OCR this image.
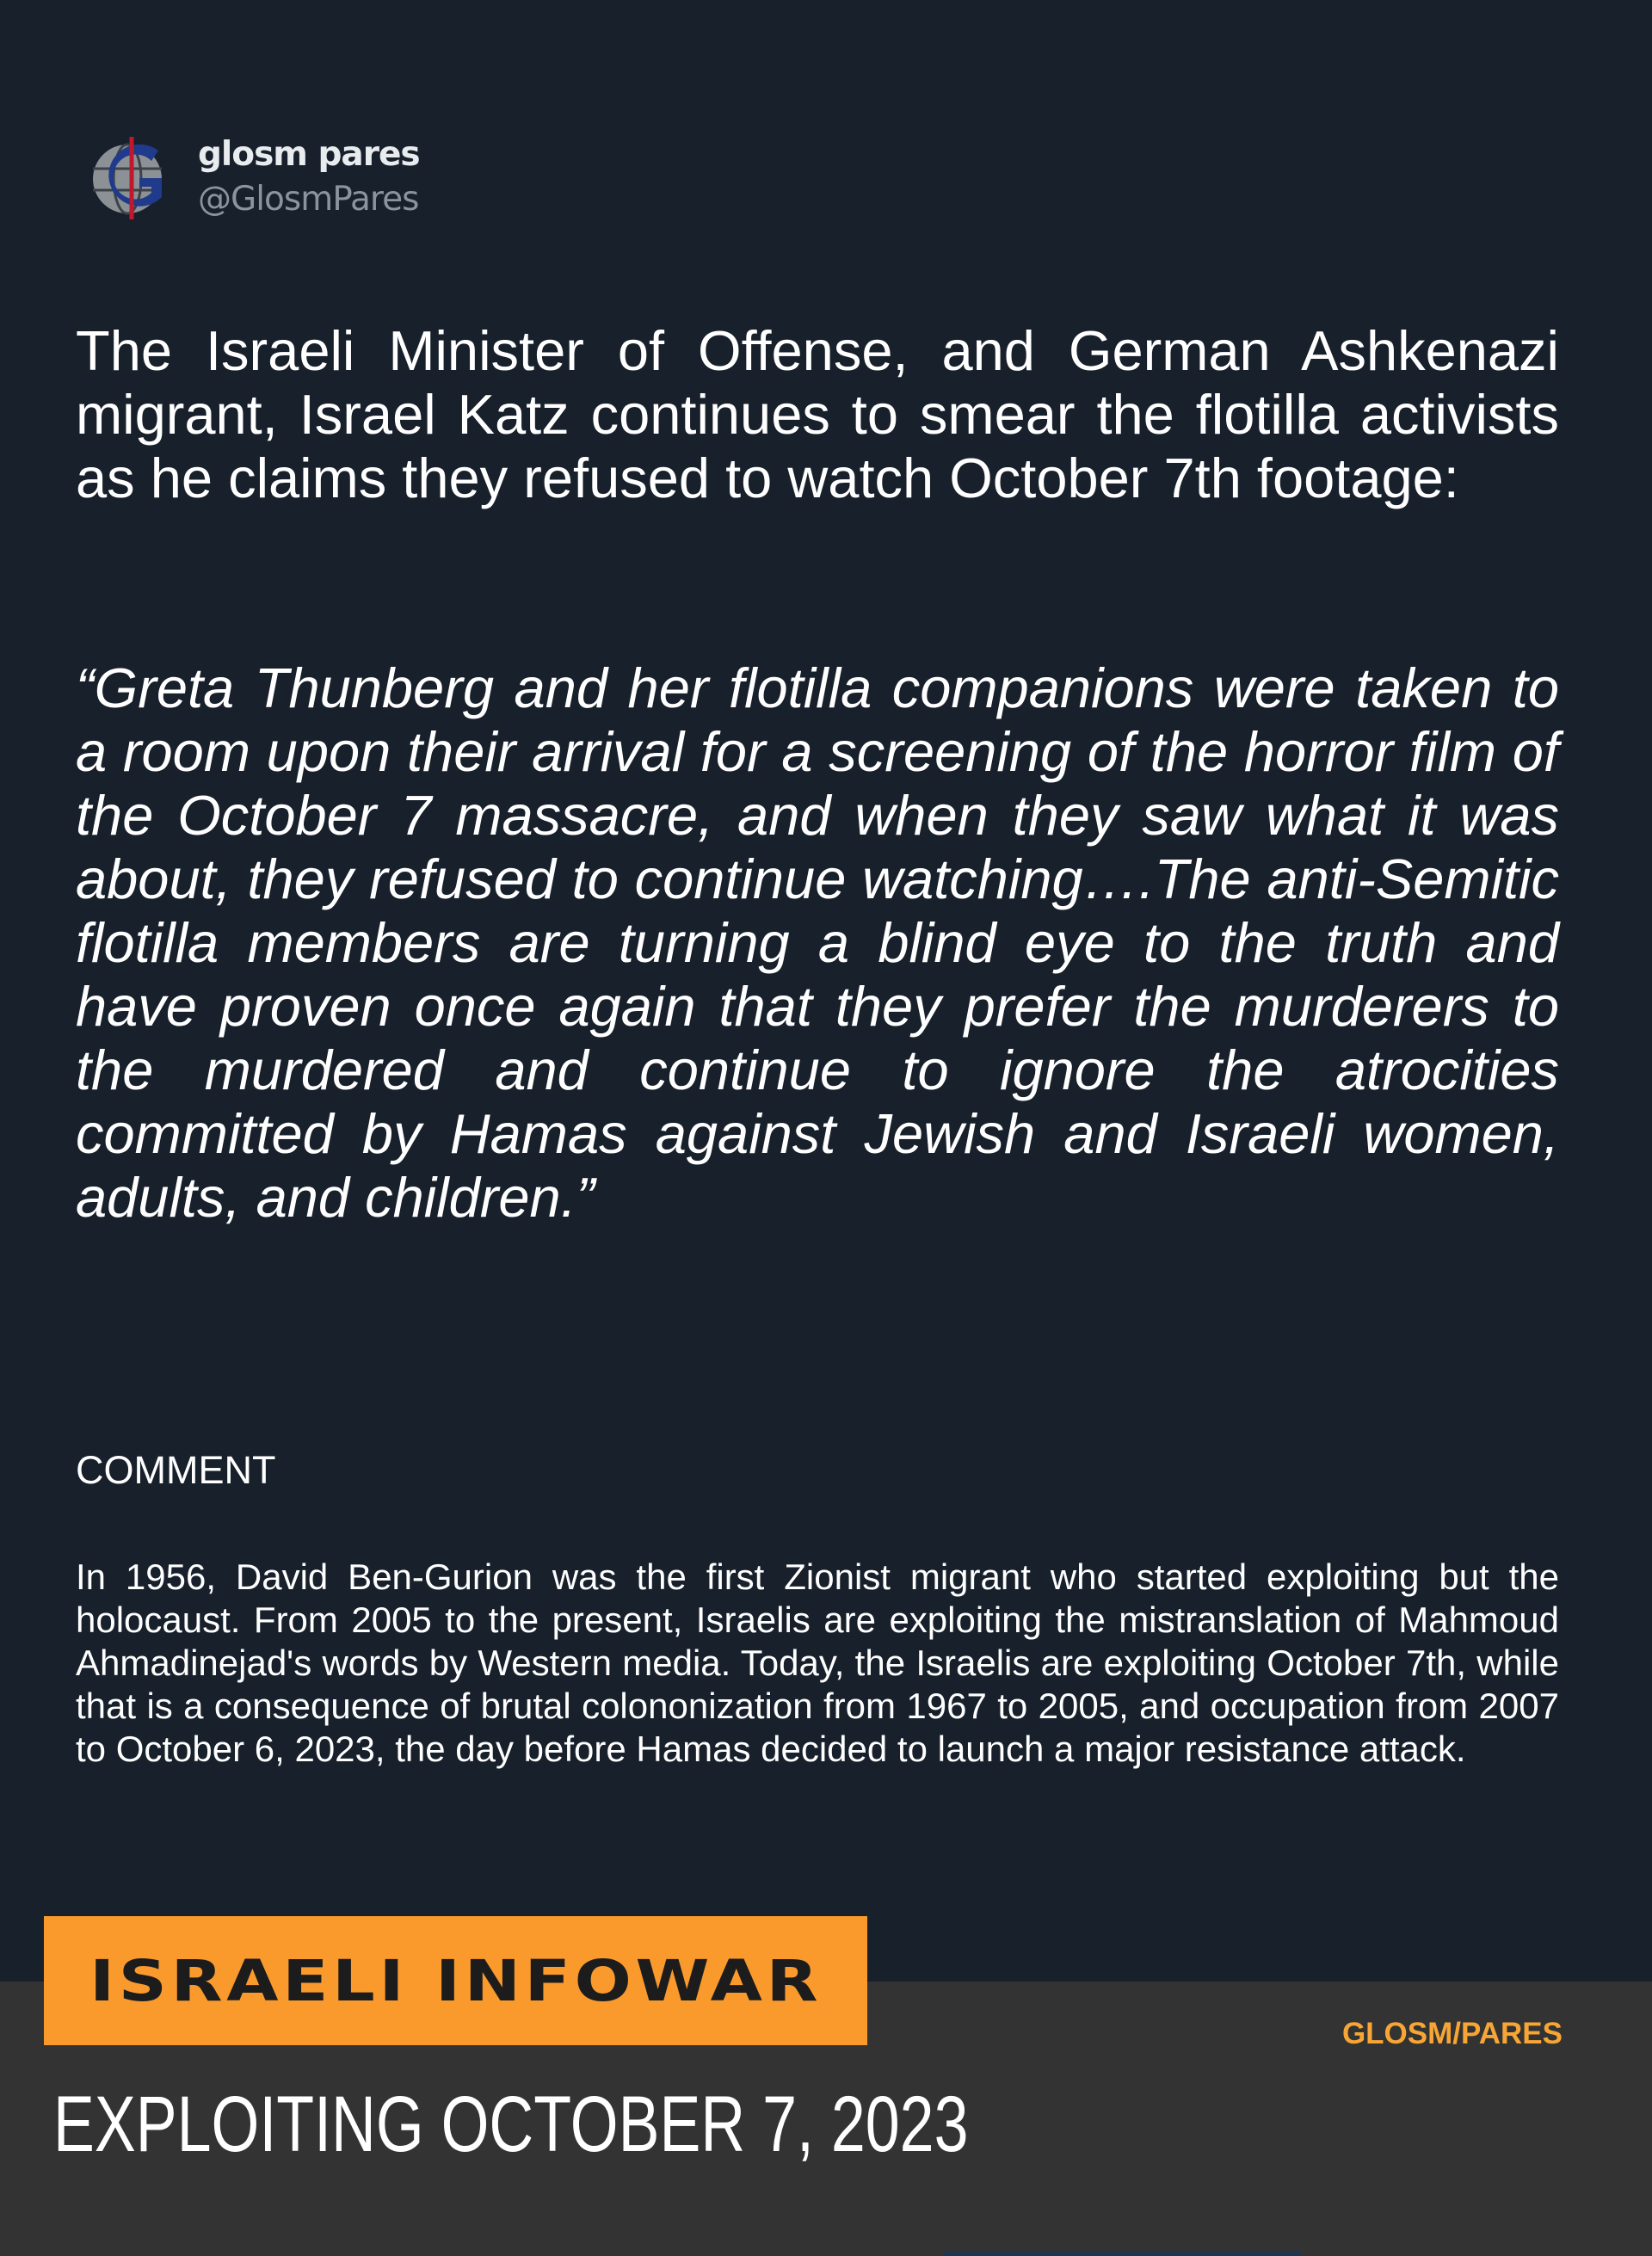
glosm pares
@GlosmPares

The Israeli Minister of Offense, and German Ashkenazi migrant, Israel Katz continues to smear the flotilla activists as he claims they refused to watch October 7th footage:

“Greta Thunberg and her flotilla companions were taken to a room upon their arrival for a screening of the horror film of the October 7 massacre, and when they saw what it was about, they refused to continue watching….The anti-Semitic flotilla members are turning a blind eye to the truth and have proven once again that they prefer the murderers to the murdered and continue to ignore the atrocities committed by Hamas against Jewish and Israeli women, adults, and children.”

COMMENT

In 1956, David Ben-Gurion was the first Zionist migrant who started exploiting but the holocaust. From 2005 to the present, Israelis are exploiting the mistranslation of Mahmoud Ahmadinejad's words by Western media. Today, the Israelis are exploiting October 7th, while that is a consequence of brutal colononization from 1967 to 2005, and occupation from 2007 to October 6, 2023, the day before Hamas decided to launch a major resistance attack.

ISRAELI INFOWAR
EXPLOITING OCTOBER 7, 2023
GLOSM/PARES
